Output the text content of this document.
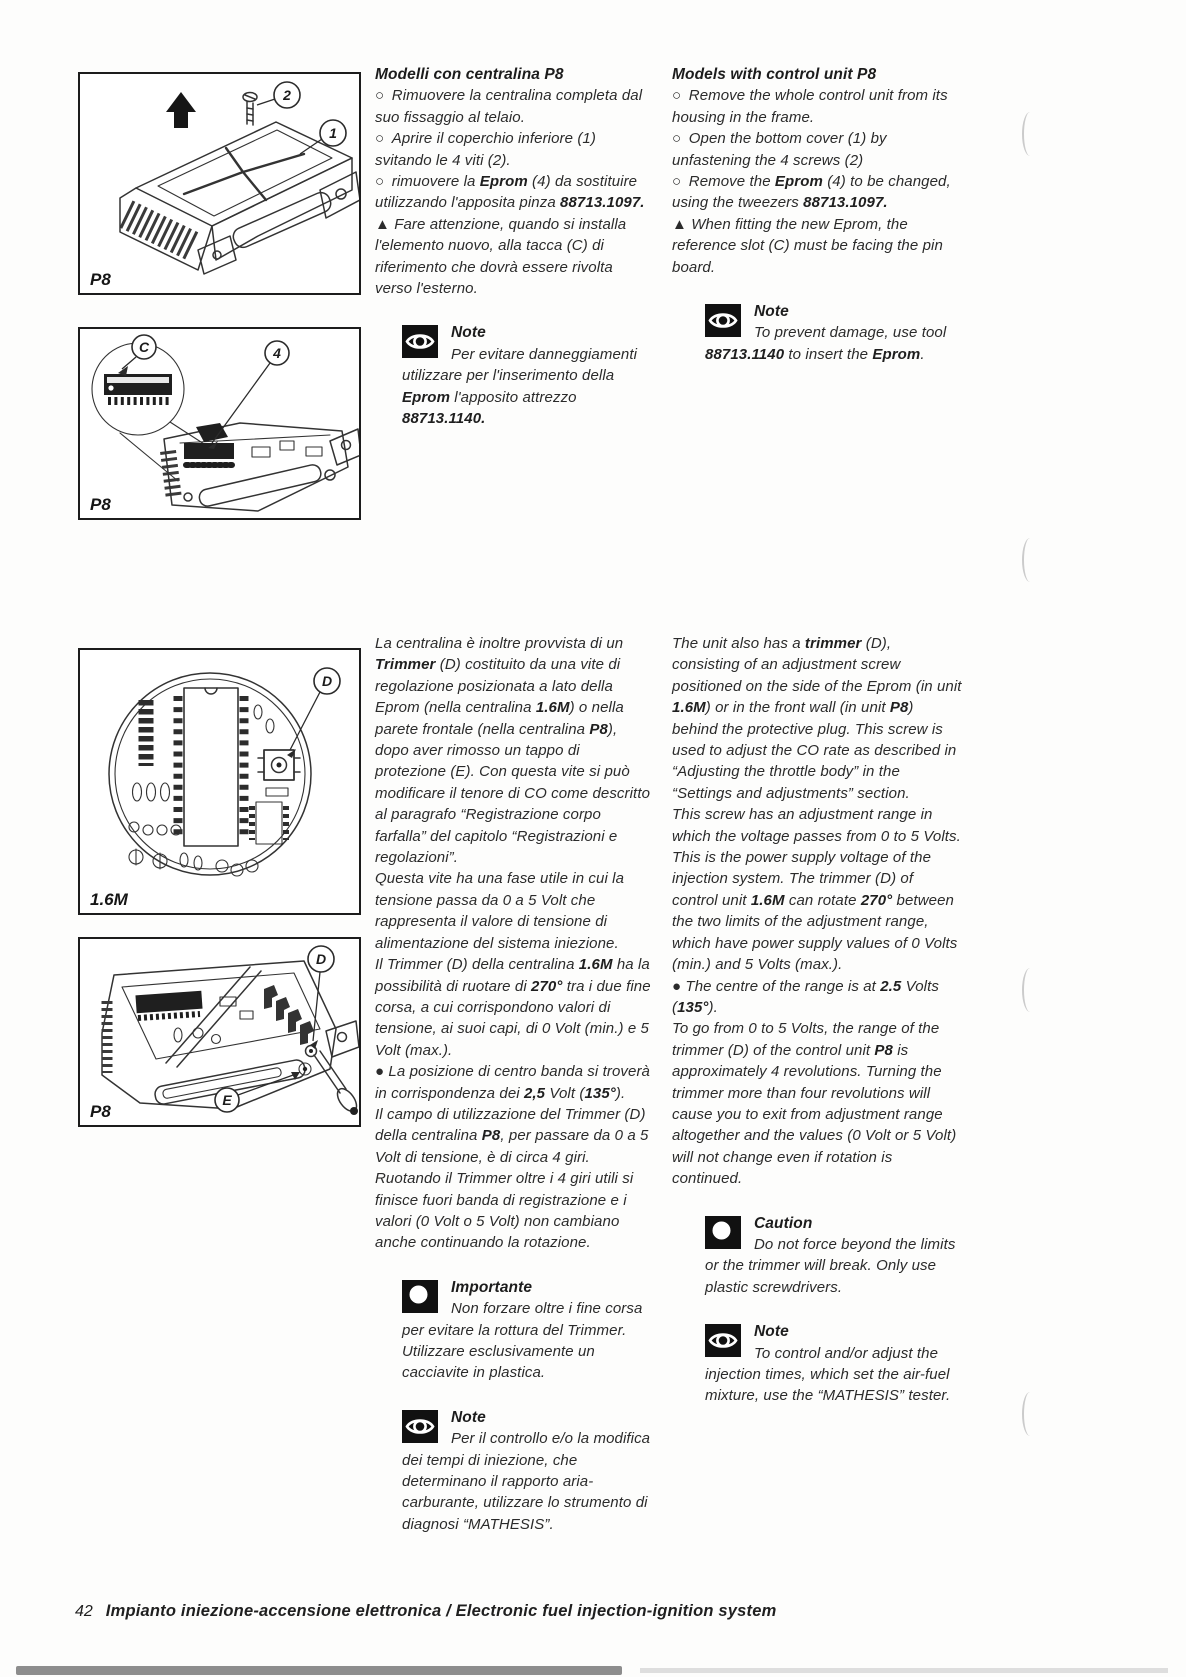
2
1
P8
C	4
P8
D
1.6M
D
E
P8

Modelli con centralina P8

○ Rimuovere la centralina completa dal suo fissaggio al telaio.

○ Aprire il coperchio inferiore (1) svitando le 4 viti (2).

○ rimuovere la Eprom (4) da sostituire utilizzando l'apposita pinza 88713.1097.

▲ Fare attenzione, quando si installa l'elemento nuovo, alla tacca (C) di riferimento che dovrà essere rivolta verso l'esterno.

Note
Per evitare danneggiamenti utilizzare per l'inserimento della Eprom l'apposito attrezzo 88713.1140.

Models with control unit P8

○ Remove the whole control unit from its housing in the frame.

○ Open the bottom cover (1) by unfastening the 4 screws (2)

○ Remove the Eprom (4) to be changed, using the tweezers 88713.1097.

▲ When fitting the new Eprom, the reference slot (C) must be facing the pin board.

Note
To prevent damage, use tool 88713.1140 to insert the Eprom.

La centralina è inoltre provvista di un Trimmer (D) costituito da una vite di regolazione posizionata a lato della Eprom (nella centralina 1.6M) o nella parete frontale (nella centralina P8), dopo aver rimosso un tappo di protezione (E). Con questa vite si può modificare il tenore di CO come descritto al paragrafo “Registrazione corpo farfalla” del capitolo “Registrazioni e regolazioni”.

Questa vite ha una fase utile in cui la tensione passa da 0 a 5 Volt che rappresenta il valore di tensione di alimentazione del sistema iniezione.

Il Trimmer (D) della centralina 1.6M ha la possibilità di ruotare di 270° tra i due fine corsa, a cui corrispondono valori di tensione, ai suoi capi, di 0 Volt (min.) e 5 Volt (max.).

● La posizione di centro banda si troverà in corrispondenza dei 2,5 Volt (135°).

Il campo di utilizzazione del Trimmer (D) della centralina P8, per passare da 0 a 5 Volt di tensione, è di circa 4 giri. Ruotando il Trimmer oltre i 4 giri utili si finisce fuori banda di registrazione e i valori (0 Volt o 5 Volt) non cambiano anche continuando la rotazione.

Importante
Non forzare oltre i fine corsa per evitare la rottura del Trimmer. Utilizzare esclusivamente un cacciavite in plastica.
Note
Per il controllo e/o la modifica dei tempi di iniezione, che determinano il rapporto aria-carburante, utilizzare lo strumento di diagnosi “MATHESIS”.

The unit also has a trimmer (D), consisting of an adjustment screw positioned on the side of the Eprom (in unit 1.6M) or in the front wall (in unit P8) behind the protective plug. This screw is used to adjust the CO rate as described in “Adjusting the throttle body” in the “Settings and adjustments” section.

This screw has an adjustment range in which the voltage passes from 0 to 5 Volts. This is the power supply voltage of the injection system. The trimmer (D) of control unit 1.6M can rotate 270° between the two limits of the adjustment range, which have power supply values of 0 Volts (min.) and 5 Volts (max.).

● The centre of the range is at 2.5 Volts (135°).

To go from 0 to 5 Volts, the range of the trimmer (D) of the control unit P8 is approximately 4 revolutions. Turning the trimmer more than four revolutions will cause you to exit from adjustment range altogether and the values (0 Volt or 5 Volt) will not change even if rotation is continued.

Caution
Do not force beyond the limits or the trimmer will break. Only use plastic screwdrivers.
Note
To control and/or adjust the injection times, which set the air-fuel mixture, use the “MATHESIS” tester.
42 Impianto iniezione-accensione elettronica / Electronic fuel injection-ignition system
